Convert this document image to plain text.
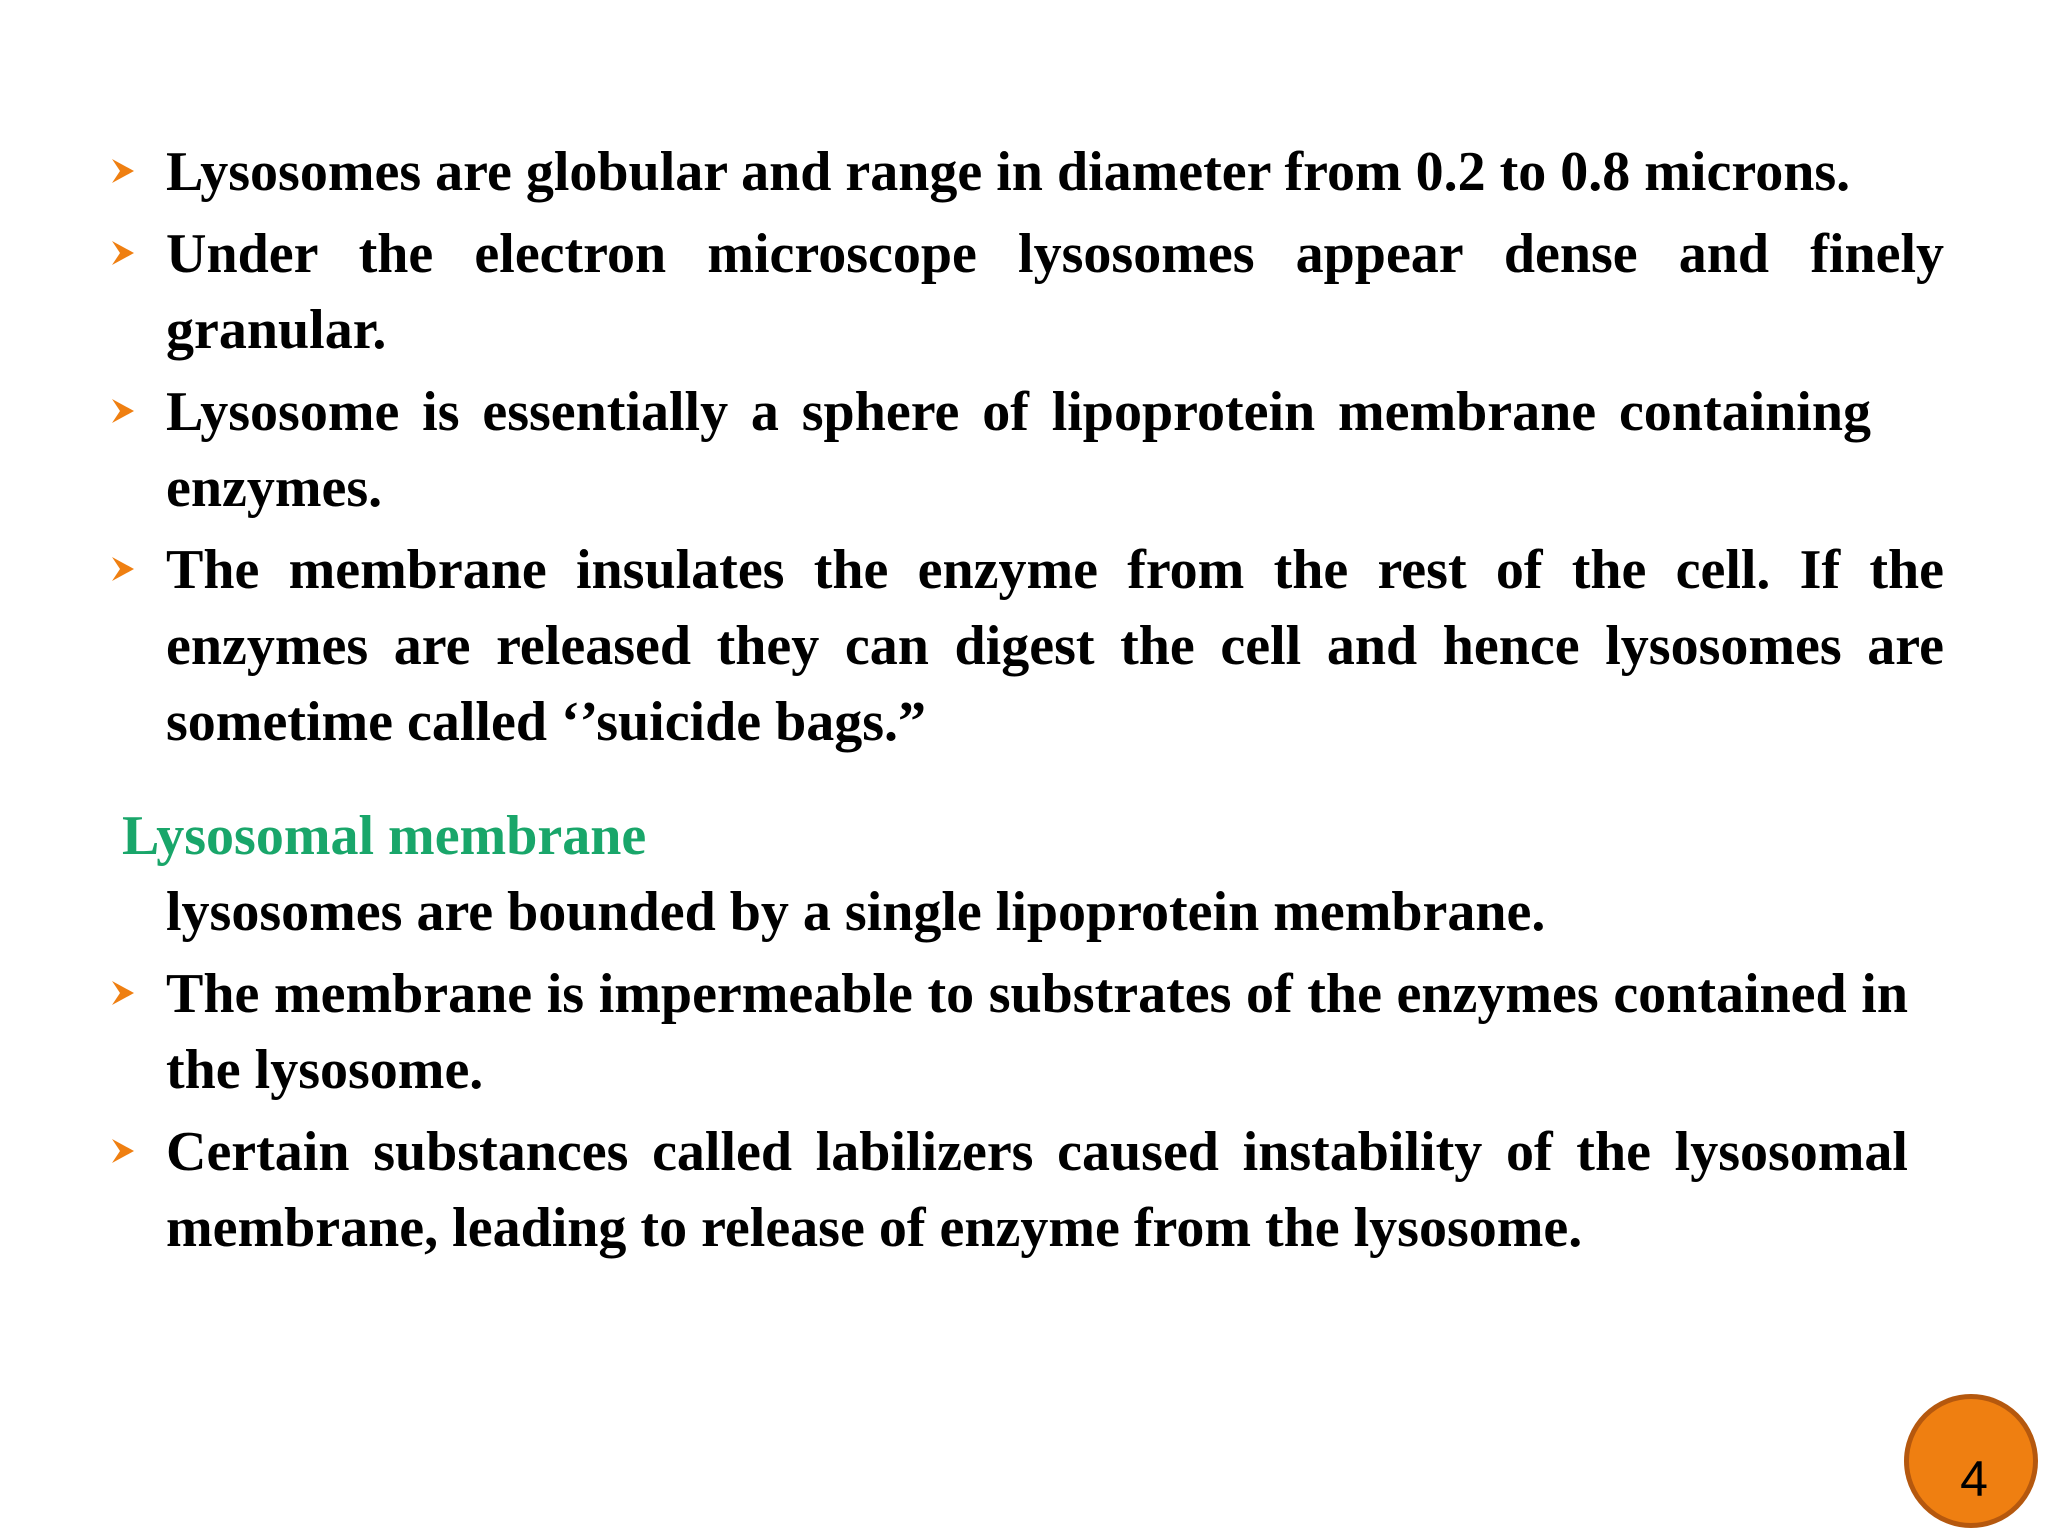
Lysosomes are globular and range in diameter from 0.2 to 0.8 microns.
Under the electron microscope lysosomes appear dense and finely granular.
Lysosome is essentially a sphere of lipoprotein membrane containing enzymes.
The membrane insulates the enzyme from the rest of the cell. If the enzymes are released they can digest the cell and hence lysosomes are sometime called ‘’suicide bags.”
Lysosomal membrane
lysosomes are bounded by a single lipoprotein membrane.
The membrane is impermeable to substrates of the enzymes contained in the lysosome.
Certain substances called labilizers caused instability of the lysosomal membrane, leading to release of enzyme from the lysosome.
4
